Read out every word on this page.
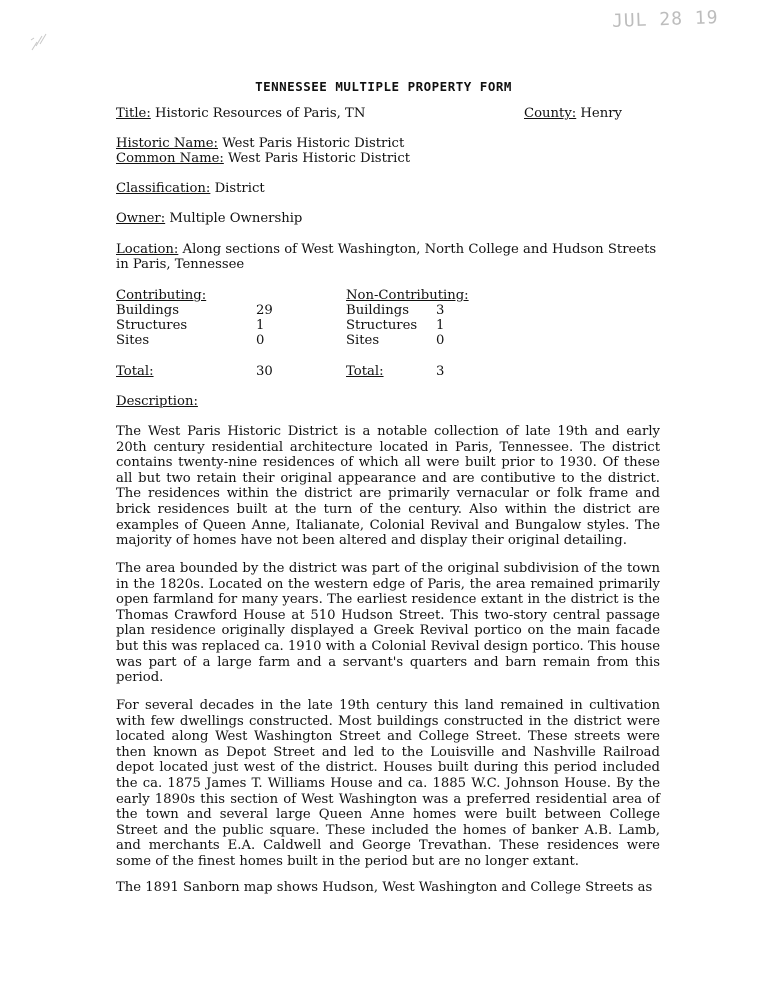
JUL 28 19
TENNESSEE MULTIPLE PROPERTY FORM
Title: Historic Resources of Paris, TN	County: Henry
Historic Name: West Paris Historic District
Common Name: West Paris Historic District
Classification: District
Owner: Multiple Ownership
Location: Along sections of West Washington, North College and Hudson Streets
in Paris, Tennessee
Contributing:	Non-Contributing:
Buildings	29	Buildings 3
Structures	1	Structures 1
Sites	0	Sites	0
Total:	30	Total:	3
Description:

The West Paris Historic District is a notable collection of late 19th and early 20th century residential architecture located in Paris, Tennessee. The district contains twenty-nine residences of which all were built prior to 1930. Of these all but two retain their original appearance and are contibutive to the district. The residences within the district are primarily vernacular or folk frame and brick residences built at the turn of the century. Also within the district are examples of Queen Anne, Italianate, Colonial Revival and Bungalow styles. The majority of homes have not been altered and display their original detailing.

The area bounded by the district was part of the original subdivision of the town in the 1820s. Located on the western edge of Paris, the area remained primarily open farmland for many years. The earliest residence extant in the district is the Thomas Crawford House at 510 Hudson Street. This two-story central passage plan residence originally displayed a Greek Revival portico on the main facade but this was replaced ca. 1910 with a Colonial Revival design portico. This house was part of a large farm and a servant's quarters and barn remain from this period.

For several decades in the late 19th century this land remained in cultivation with few dwellings constructed. Most buildings constructed in the district were located along West Washington Street and College Street. These streets were then known as Depot Street and led to the Louisville and Nashville Railroad depot located just west of the district. Houses built during this period included the ca. 1875 James T. Williams House and ca. 1885 W.C. Johnson House. By the early 1890s this section of West Washington was a preferred residential area of the town and several large Queen Anne homes were built between College Street and the public square. These included the homes of banker A.B. Lamb, and merchants E.A. Caldwell and George Trevathan. These residences were some of the finest homes built in the period but are no longer extant.

The 1891 Sanborn map shows Hudson, West Washington and College Streets as
